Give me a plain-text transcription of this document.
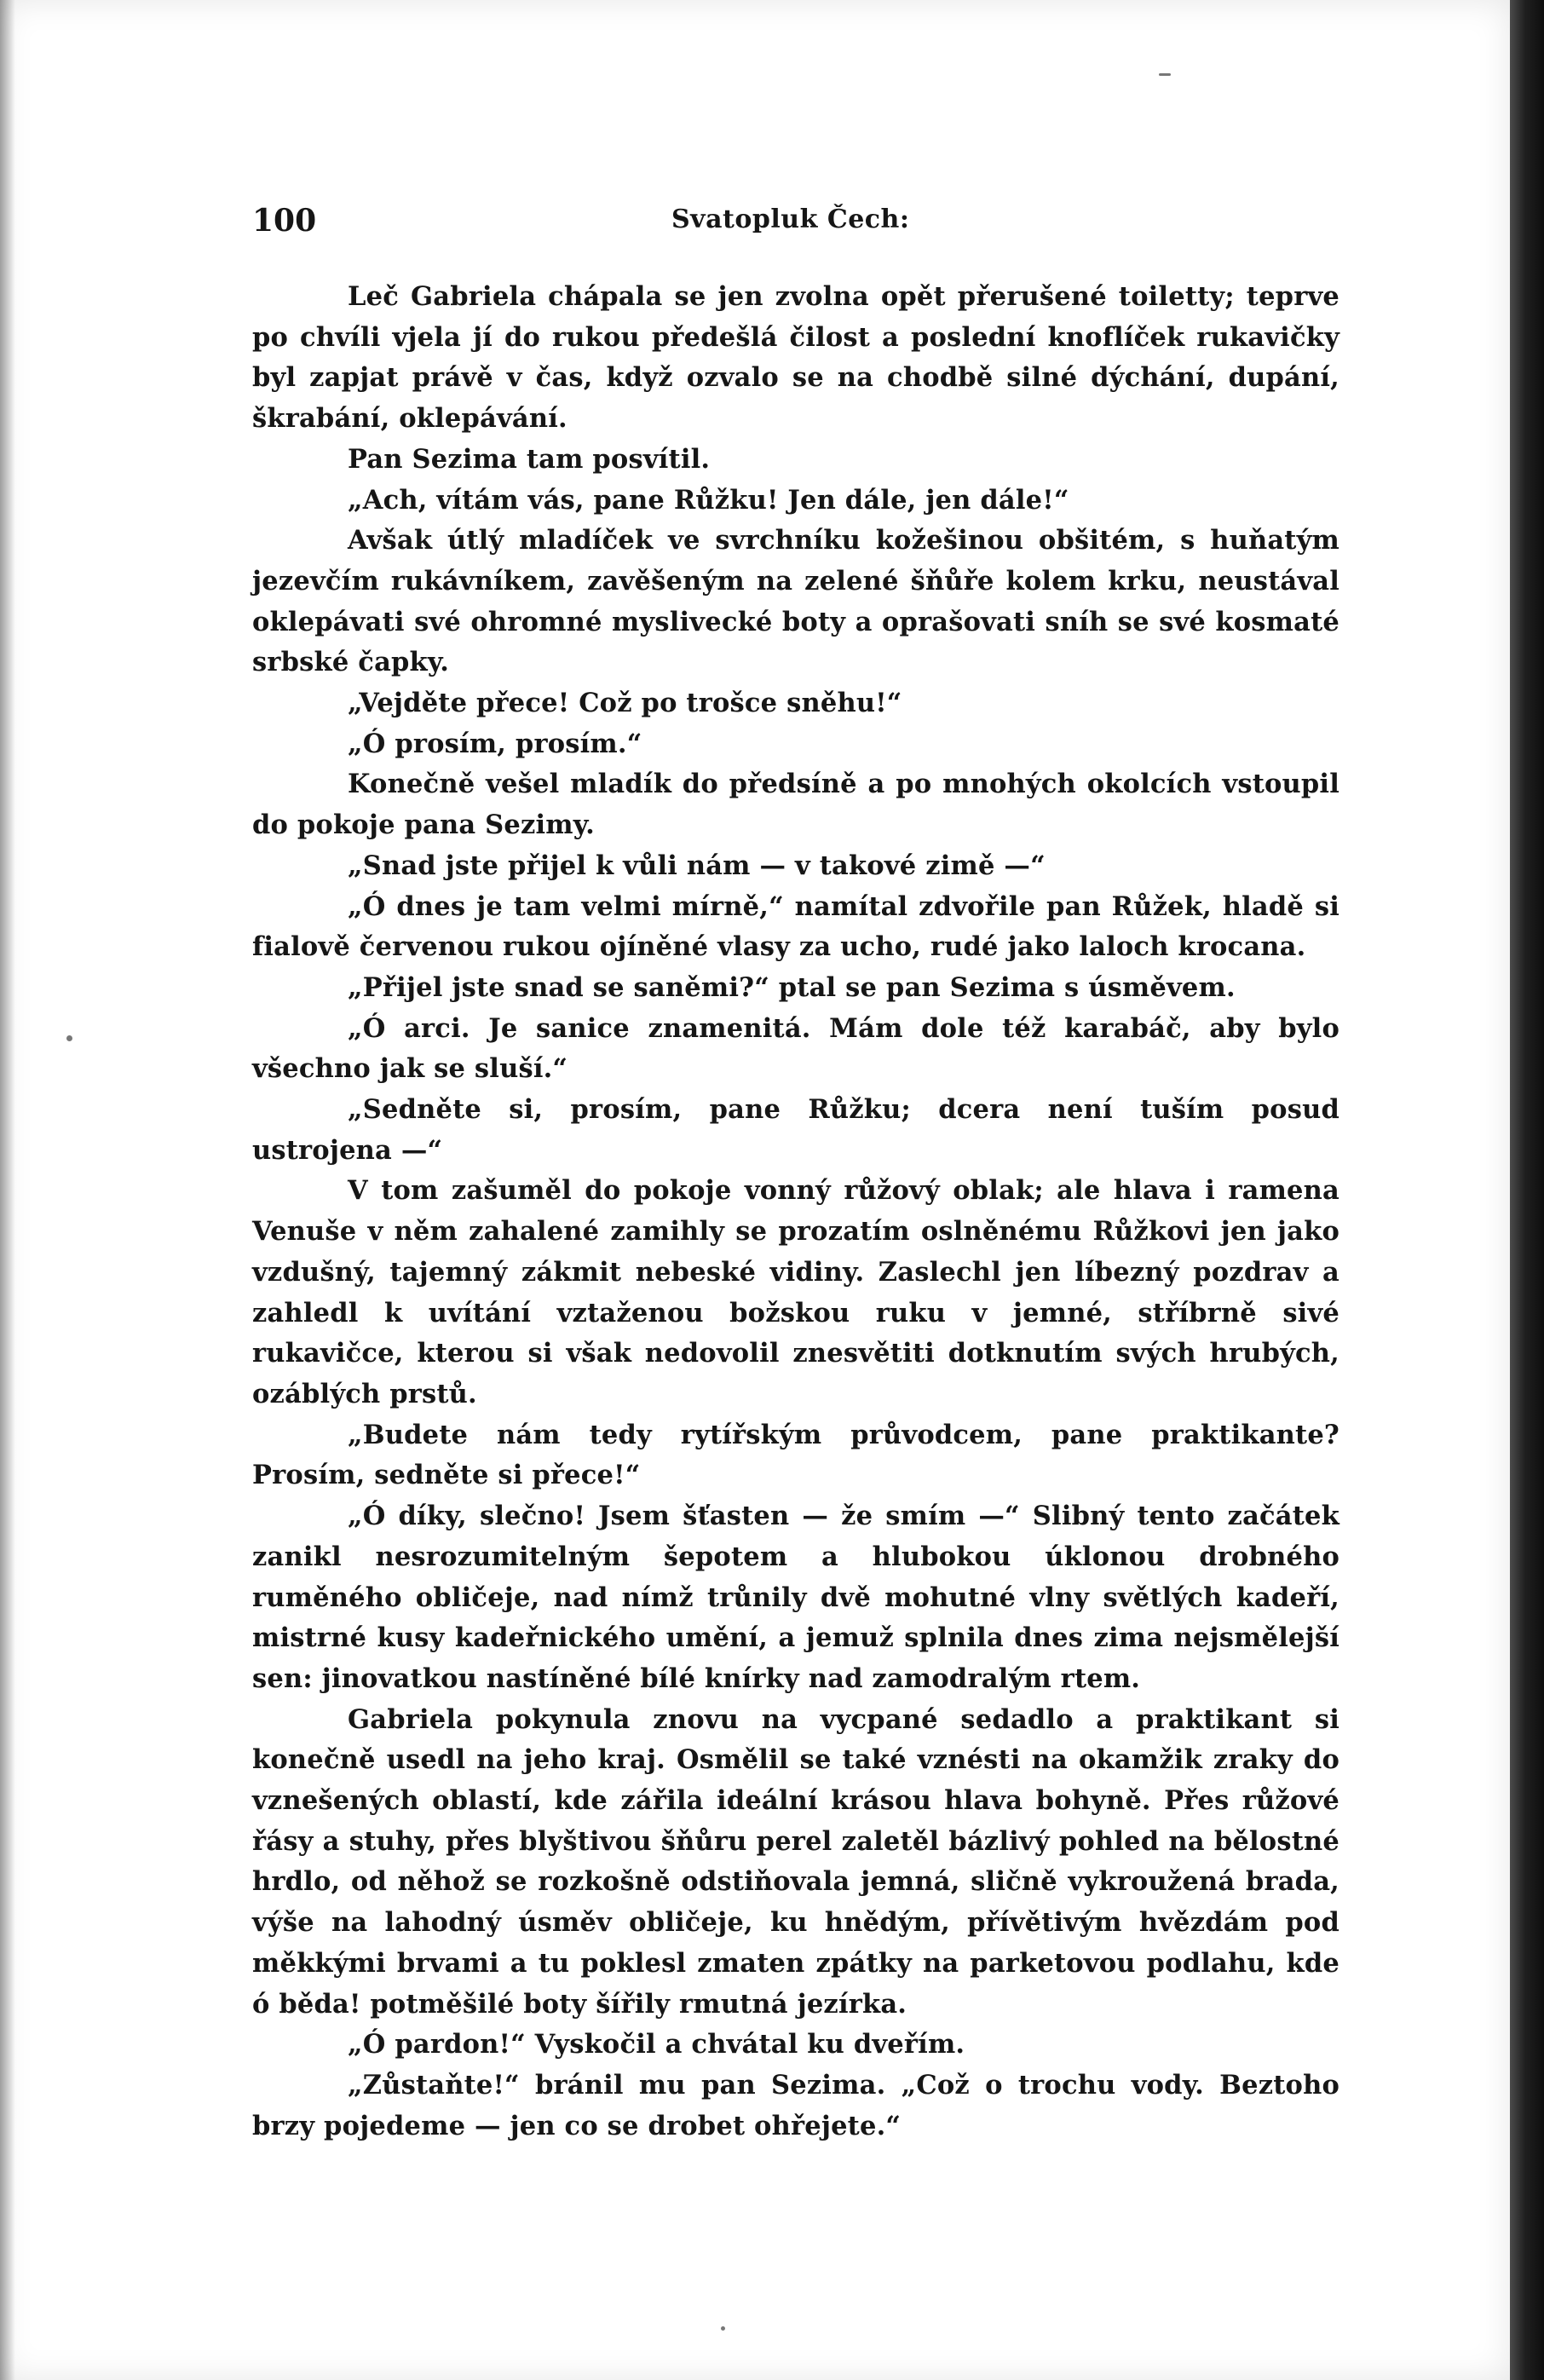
100	Svatopluk Čech:

Leč Gabriela chápala se jen zvolna opět přerušené toiletty; teprve po chvíli vjela jí do rukou předešlá čilost a poslední knoflíček rukavičky byl zapjat právě v čas, když ozvalo se na chodbě silné dýchání, dupání, škrabání, oklepávání.

Pan Sezima tam posvítil.

„Ach, vítám vás, pane Růžku! Jen dále, jen dále!“

Avšak útlý mladíček ve svrchníku kožešinou obšitém, s huňatým jezevčím rukávníkem, zavěšeným na zelené šňůře kolem krku, neustával oklepávati své ohromné myslivecké boty a oprašovati sníh se své kosmaté srbské čapky.

„Vejděte přece! Což po trošce sněhu!“

„Ó prosím, prosím.“

Konečně vešel mladík do předsíně a po mnohých okolcích vstoupil do pokoje pana Sezimy.

„Snad jste přijel k vůli nám — v takové zimě —“

„Ó dnes je tam velmi mírně,“ namítal zdvořile pan Růžek, hladě si fialově červenou rukou ojíněné vlasy za ucho, rudé jako laloch krocana.

„Přijel jste snad se saněmi?“ ptal se pan Sezima s úsměvem.

„Ó arci. Je sanice znamenitá. Mám dole též karabáč, aby bylo všechno jak se sluší.“

„Sedněte si, prosím, pane Růžku; dcera není tuším posud ustrojena —“

V tom zašuměl do pokoje vonný růžový oblak; ale hlava i ramena Venuše v něm zahalené zamihly se prozatím oslněnému Růžkovi jen jako vzdušný, tajemný zákmit nebeské vidiny. Zaslechl jen líbezný pozdrav a zahledl k uvítání vztaženou božskou ruku v jemné, stříbrně sivé rukavičce, kterou si však nedovolil znesvětiti dotknutím svých hrubých, ozáblých prstů.

„Budete nám tedy rytířským průvodcem, pane praktikante? Prosím, sedněte si přece!“

„Ó díky, slečno! Jsem šťasten — že smím —“ Slibný tento začátek zanikl nesrozumitelným šepotem a hlubokou úklonou drobného ruměného obličeje, nad nímž trůnily dvě mohutné vlny světlých kadeří, mistrné kusy kadeřnického umění, a jemuž splnila dnes zima nejsmělejší sen: jinovatkou nastíněné bílé knírky nad zamodralým rtem.

Gabriela pokynula znovu na vycpané sedadlo a praktikant si konečně usedl na jeho kraj. Osmělil se také vznésti na okamžik zraky do vznešených oblastí, kde zářila ideální krásou hlava bohyně. Přes růžové řásy a stuhy, přes blyštivou šňůru perel zaletěl bázlivý pohled na bělostné hrdlo, od něhož se rozkošně odstiňovala jemná, sličně vykroužená brada, výše na lahodný úsměv obličeje, ku hnědým, přívětivým hvězdám pod měkkými brvami a tu poklesl zmaten zpátky na parketovou podlahu, kde ó běda! potměšilé boty šířily rmutná jezírka.

„Ó pardon!“ Vyskočil a chvátal ku dveřím.

„Zůstaňte!“ bránil mu pan Sezima. „Což o trochu vody. Beztoho brzy pojedeme — jen co se drobet ohřejete.“
